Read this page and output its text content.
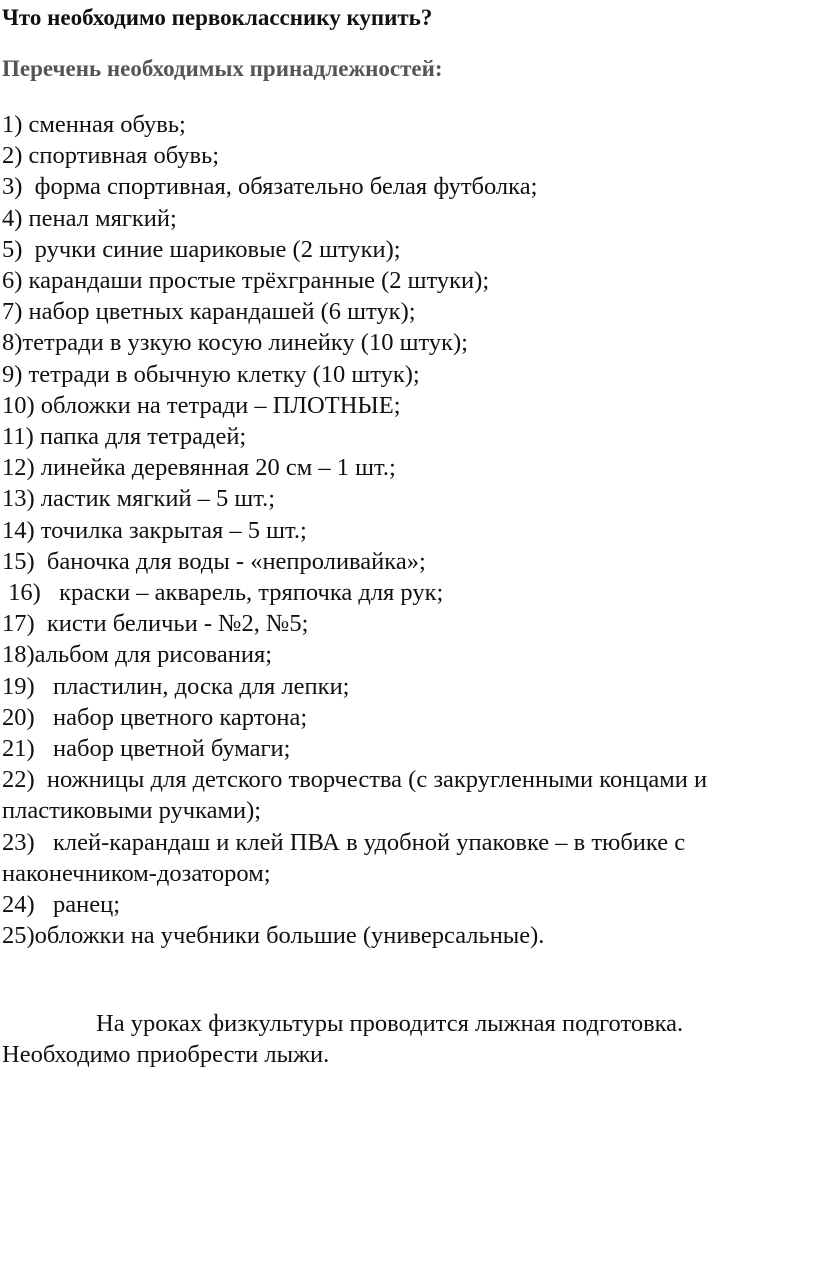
Что необходимо первокласснику купить?
Перечень необходимых принадлежностей:
1) сменная обувь;
2) спортивная обувь;
3)  форма спортивная, обязательно белая футболка;
4) пенал мягкий;
5)  ручки синие шариковые (2 штуки);
6) карандаши простые трёхгранные (2 штуки);
7) набор цветных карандашей (6 штук);
8)тетради в узкую косую линейку (10 штук);
9) тетради в обычную клетку (10 штук);
10) обложки на тетради – ПЛОТНЫЕ;
11) папка для тетрадей;
12) линейка деревянная 20 см – 1 шт.;
13) ластик мягкий – 5 шт.;
14) точилка закрытая – 5 шт.;
15)  баночка для воды - «непроливайка»;
16)   краски – акварель, тряпочка для рук;
17)  кисти беличьи - №2, №5;
18)альбом для рисования;
19)   пластилин, доска для лепки;
20)   набор цветного картона;
21)   набор цветной бумаги;
22)  ножницы для детского творчества (с закругленными концами и пластиковыми ручками);
23)   клей-карандаш и клей ПВА в удобной упаковке – в тюбике с наконечником-дозатором;
24)   ранец;
25)обложки на учебники большие (универсальные).
На уроках физкультуры проводится лыжная подготовка.
Необходимо приобрести лыжи.
